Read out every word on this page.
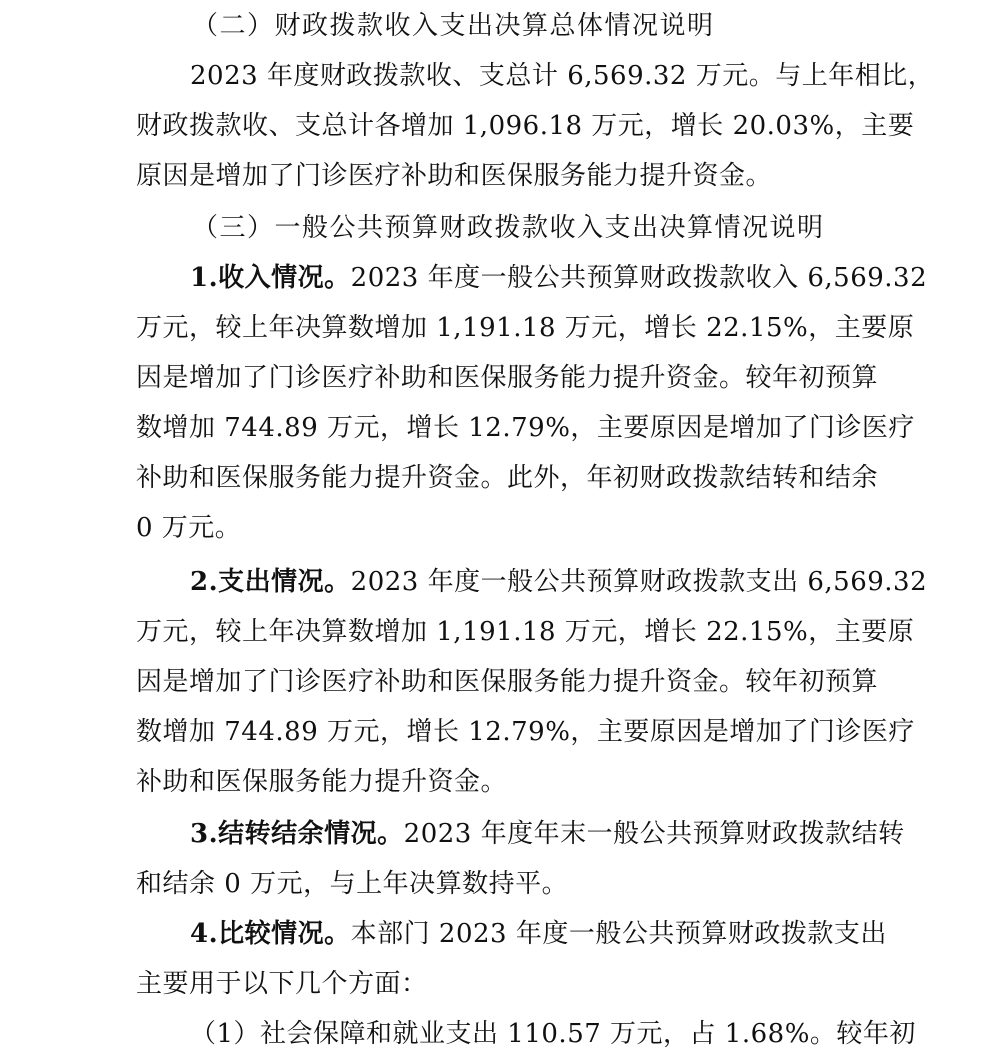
（二）财政拨款收入支出决算总体情况说明
2023 年度财政拨款收、支总计 6,569.32 万元。与上年相比，
财政拨款收、支总计各增加 1,096.18 万元，增长 20.03%，主要
原因是增加了门诊医疗补助和医保服务能力提升资金。
（三）一般公共预算财政拨款收入支出决算情况说明
1.收入情况。2023 年度一般公共预算财政拨款收入 6,569.32
万元，较上年决算数增加 1,191.18 万元，增长 22.15%，主要原
因是增加了门诊医疗补助和医保服务能力提升资金。较年初预算
数增加 744.89 万元，增长 12.79%，主要原因是增加了门诊医疗
补助和医保服务能力提升资金。此外，年初财政拨款结转和结余
0 万元。
2.支出情况。2023 年度一般公共预算财政拨款支出 6,569.32
万元，较上年决算数增加 1,191.18 万元，增长 22.15%，主要原
因是增加了门诊医疗补助和医保服务能力提升资金。较年初预算
数增加 744.89 万元，增长 12.79%，主要原因是增加了门诊医疗
补助和医保服务能力提升资金。
3.结转结余情况。2023 年度年末一般公共预算财政拨款结转
和结余 0 万元，与上年决算数持平。
4.比较情况。本部门 2023 年度一般公共预算财政拨款支出
主要用于以下几个方面：
（1）社会保障和就业支出 110.57 万元，占 1.68%。较年初
